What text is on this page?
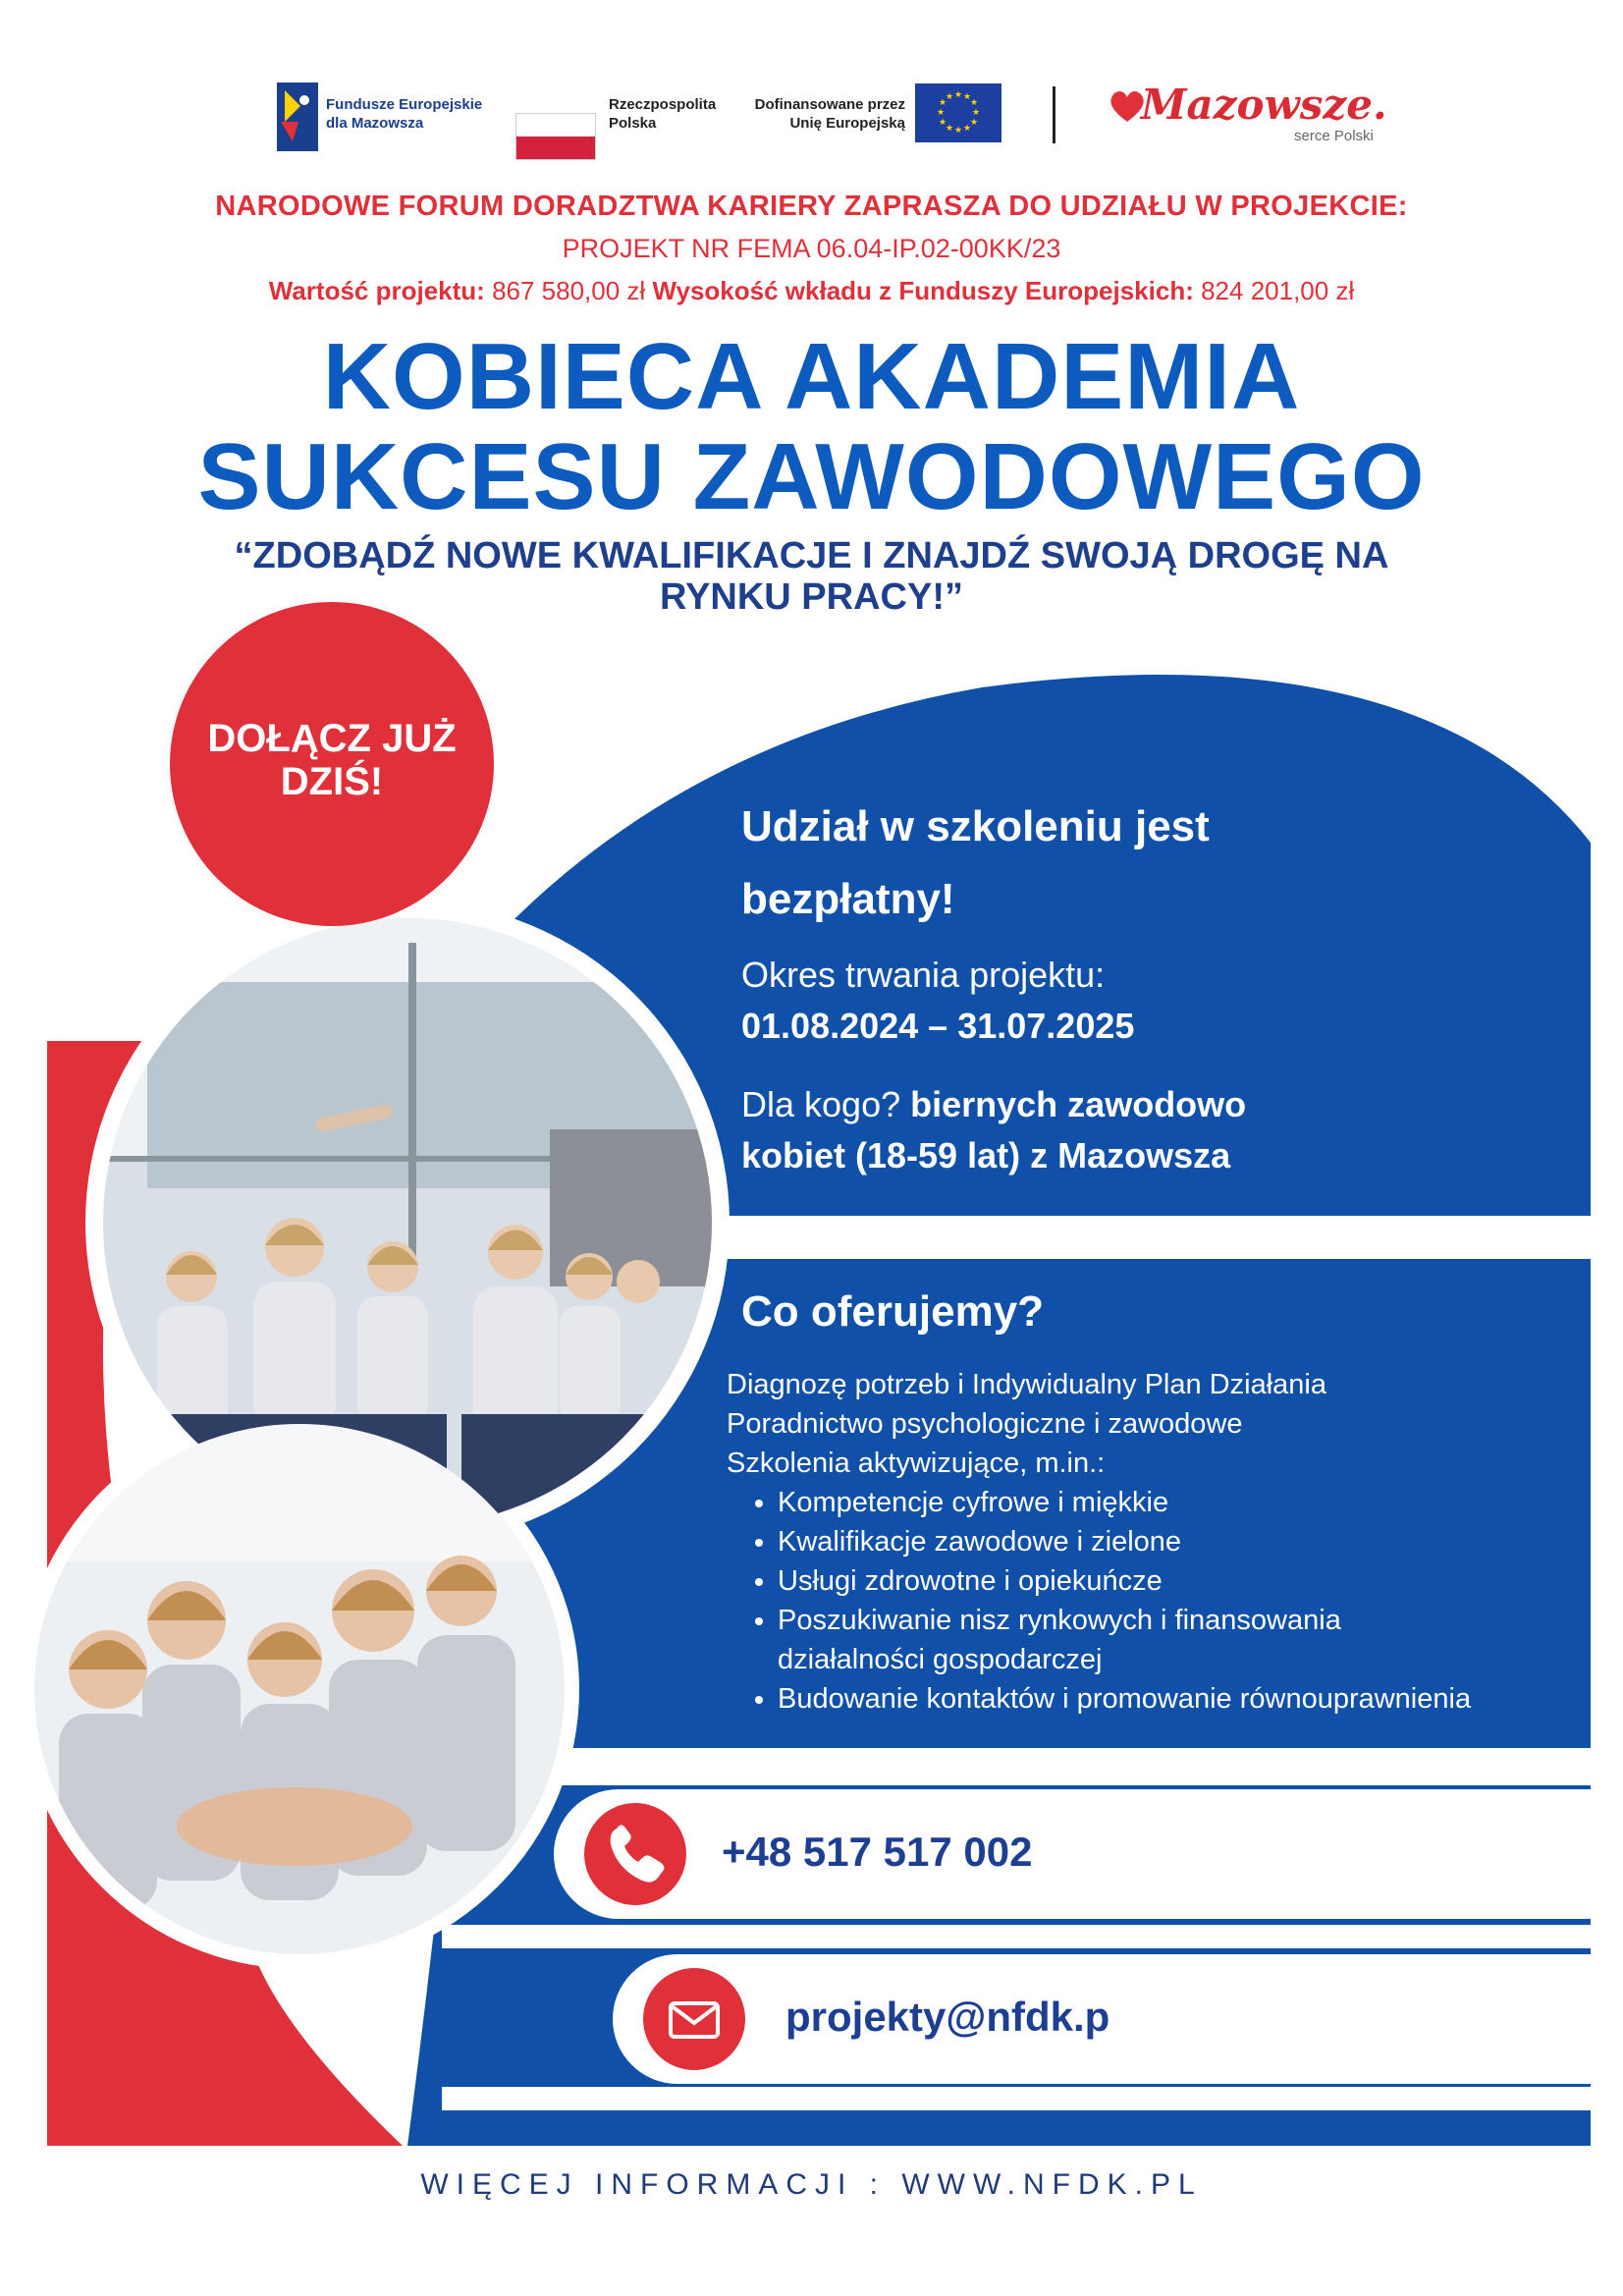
Fundusze Europejskie
dla Mazowsza
Rzeczpospolita
Polska
Dofinansowane przez
Unię Europejską
★ ★
★
★
★
★
★
★
★
★
★
★	Mazowsze.
serce Polski
NARODOWE FORUM DORADZTWA KARIERY ZAPRASZA DO UDZIAŁU W PROJEKCIE:
PROJEKT NR FEMA 06.04-IP.02-00KK/23
Wartość projektu: 867 580,00 zł Wysokość wkładu z Funduszy Europejskich: 824 201,00 zł
KOBIECA AKADEMIA
SUKCESU ZAWODOWEGO
“ZDOBĄDŹ NOWE KWALIFIKACJE I ZNAJDŹ SWOJĄ DROGĘ NA
RYNKU PRACY!”
DOŁĄCZ JUŻ
DZIŚ!
Udział w szkoleniu jest
bezpłatny!
Okres trwania projektu:
01.08.2024 – 31.07.2025
Dla kogo? biernych zawodowo
kobiet (18-59 lat) z Mazowsza
Co oferujemy?
Diagnozę potrzeb i Indywidualny Plan Działania
Poradnictwo psychologiczne i zawodowe
Szkolenia aktywizujące, m.in.:
• Kompetencje cyfrowe i miękkie
• Kwalifikacje zawodowe i zielone
• Usługi zdrowotne i opiekuńcze
• Poszukiwanie nisz rynkowych i finansowania działalności gospodarczej
• Budowanie kontaktów i promowanie równouprawnienia
+48 517 517 002
projekty@nfdk.p
WIĘCEJ INFORMACJI : WWW.NFDK.PL
